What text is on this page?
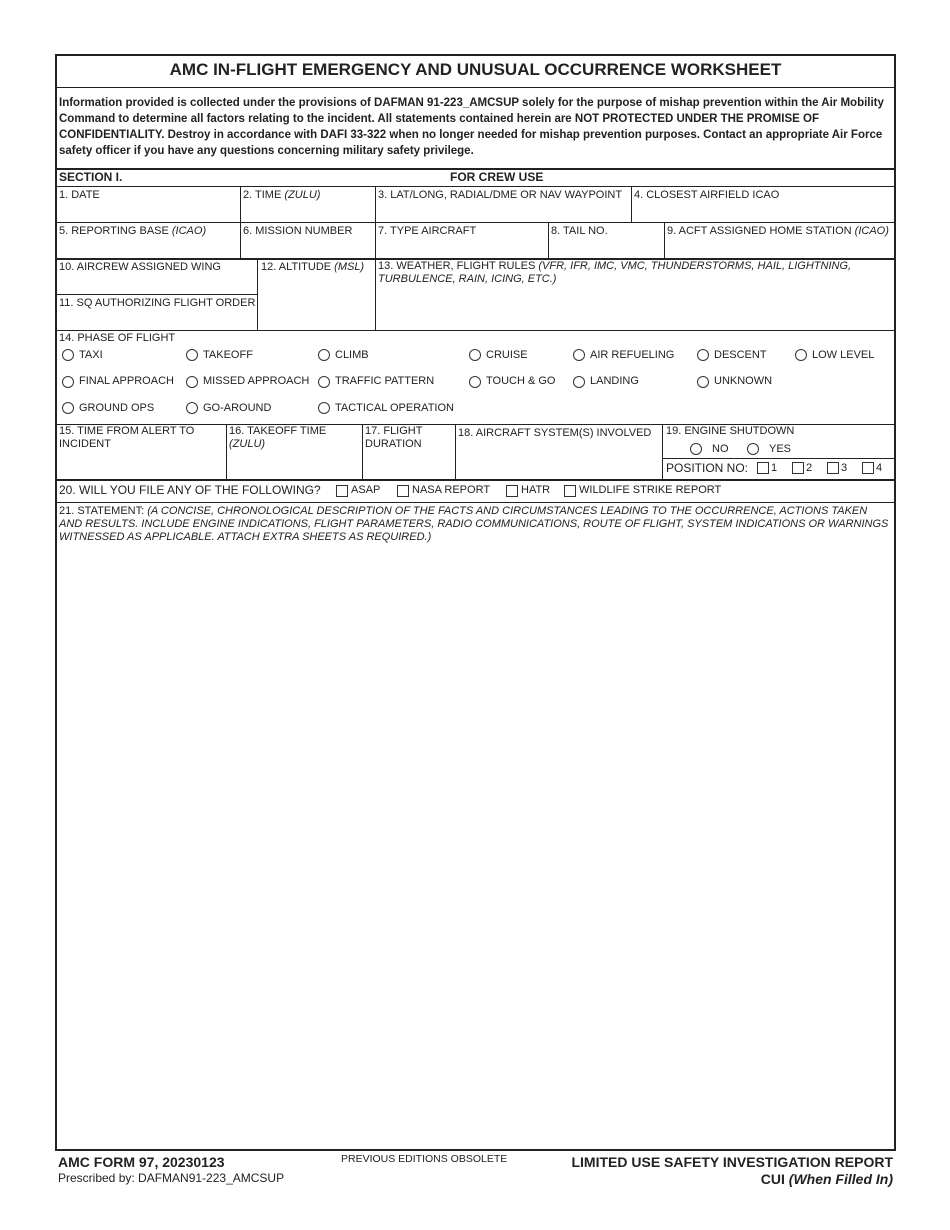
AMC IN-FLIGHT EMERGENCY AND UNUSUAL OCCURRENCE WORKSHEET
Information provided is collected under the provisions of DAFMAN 91-223_AMCSUP solely for the purpose of mishap prevention within the Air Mobility Command to determine all factors relating to the incident. All statements contained herein are NOT PROTECTED UNDER THE PROMISE OF CONFIDENTIALITY. Destroy in accordance with DAFI 33-322 when no longer needed for mishap prevention purposes. Contact an appropriate Air Force safety officer if you have any questions concerning military safety privilege.
SECTION I.	FOR CREW USE
1. DATE	2. TIME (ZULU)	3. LAT/LONG, RADIAL/DME OR NAV WAYPOINT 4. CLOSEST AIRFIELD ICAO
5. REPORTING BASE (ICAO)	6. MISSION NUMBER 7. TYPE AIRCRAFT	8. TAIL NO.	9. ACFT ASSIGNED HOME STATION (ICAO)
10. AIRCREW ASSIGNED WING
11. SQ AUTHORIZING FLIGHT ORDER
12. ALTITUDE (MSL) 13. WEATHER, FLIGHT RULES (VFR, IFR, IMC, VMC, THUNDERSTORMS, HAIL, LIGHTNING, TURBULENCE, RAIN, ICING, ETC.)
14. PHASE OF FLIGHT
TAXI	TAKEOFF	CLIMB	CRUISE	AIR REFUELING	DESCENT	LOW LEVEL
FINAL APPROACH	MISSED APPROACH TRAFFIC PATTERN	TOUCH & GO	LANDING	UNKNOWN
GROUND OPS	GO-AROUND	TACTICAL OPERATION
15. TIME FROM ALERT TO INCIDENT
16. TAKEOFF TIME
(ZULU)
17. FLIGHT DURATION
18. AIRCRAFT SYSTEM(S) INVOLVED 19. ENGINE SHUTDOWN
NO	YES
POSITION NO: 1	2	3	4
20. WILL YOU FILE ANY OF THE FOLLOWING?	ASAP	NASA REPORT	HATR	WILDLIFE STRIKE REPORT
21. STATEMENT: (A CONCISE, CHRONOLOGICAL DESCRIPTION OF THE FACTS AND CIRCUMSTANCES LEADING TO THE OCCURRENCE, ACTIONS TAKEN AND RESULTS. INCLUDE ENGINE INDICATIONS, FLIGHT PARAMETERS, RADIO COMMUNICATIONS, ROUTE OF FLIGHT, SYSTEM INDICATIONS OR WARNINGS WITNESSED AS APPLICABLE. ATTACH EXTRA SHEETS AS REQUIRED.)
AMC FORM 97, 20230123
Prescribed by: DAFMAN91-223_AMCSUP
PREVIOUS EDITIONS OBSOLETE	LIMITED USE SAFETY INVESTIGATION REPORT
CUI (When Filled In)
